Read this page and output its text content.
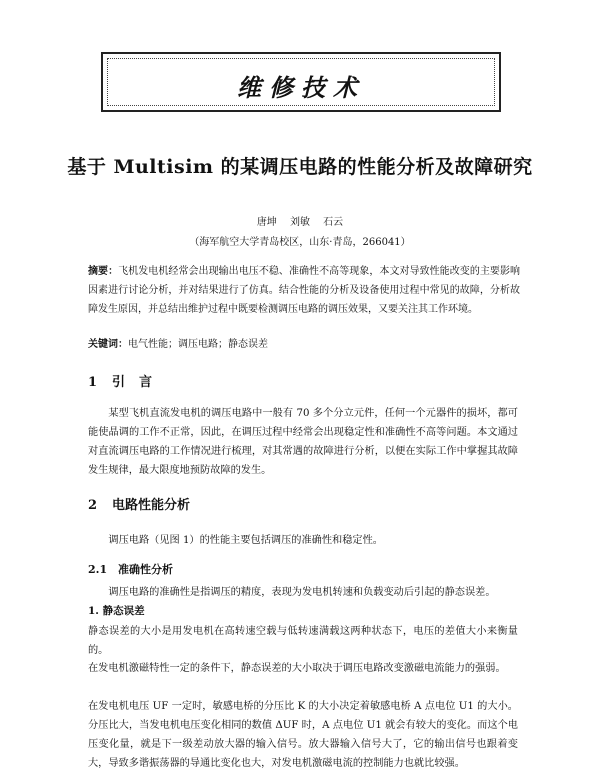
维修技术
基于 Multisim 的某调压电路的性能分析及故障研究
唐坤 刘敏 石云
（海军航空大学青岛校区，山东·青岛，266041）
摘要：飞机发电机经常会出现输出电压不稳、准确性不高等现象，本文对导致性能改变的主要影响因素进行讨论分析，并对结果进行了仿真。结合性能的分析及设备使用过程中常见的故障，分析故障发生原因，并总结出维护过程中既要检测调压电路的调压效果，又要关注其工作环境。
关键词：电气性能；调压电路；静态误差
1 引言
某型飞机直流发电机的调压电路中一般有 70 多个分立元件，任何一个元器件的损坏，都可能使晶调的工作不正常，因此，在调压过程中经常会出现稳定性和准确性不高等问题。本文通过对直流调压电路的工作情况进行梳理，对其常遇的故障进行分析，以便在实际工作中掌握其故障发生规律，最大限度地预防故障的发生。
2 电路性能分析
调压电路（见图 1）的性能主要包括调压的准确性和稳定性。
2.1 准确性分析
调压电路的准确性是指调压的精度，表现为发电机转速和负载变动后引起的静态误差。
1. 静态误差
静态误差的大小是用发电机在高转速空载与低转速满载这两种状态下，电压的差值大小来衡量的。
在发电机激磁特性一定的条件下，静态误差的大小取决于调压电路改变激磁电流能力的强弱。
在发电机电压 UF 一定时，敏感电桥的分压比 K 的大小决定着敏感电桥 A 点电位 U1 的大小。分压比大，当发电机电压变化相同的数值 ΔUF 时，A 点电位 U1 就会有较大的变化。而这个电压变化量，就是下一级差动放大器的输入信号。放大器输入信号大了，它的输出信号也跟着变大，导致多谐振荡器的导通比变化也大，对发电机激磁电流的控制能力也就比较强。
